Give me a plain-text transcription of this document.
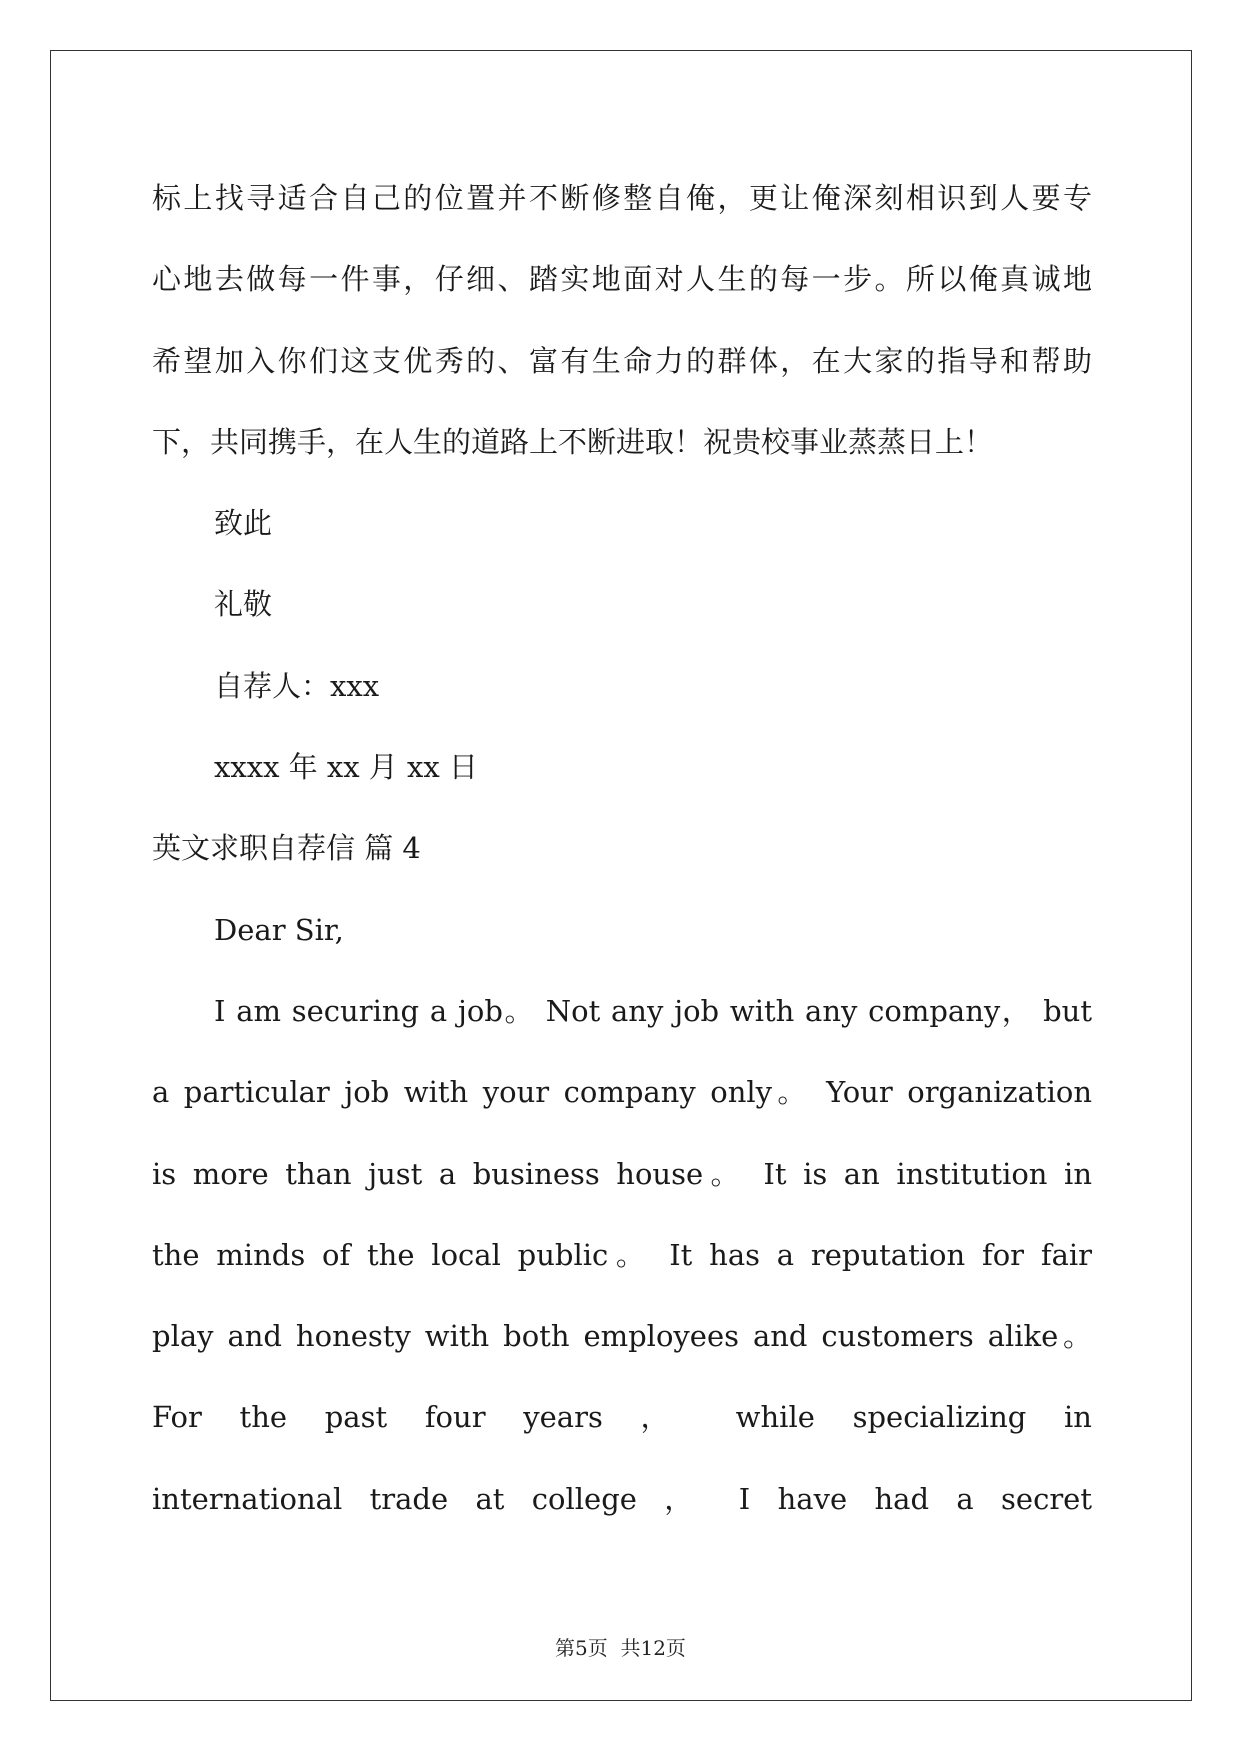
标上找寻适合自己的位置并不断修整自俺，更让俺深刻相识到人要专
心地去做每一件事，仔细、踏实地面对人生的每一步。所以俺真诚地
希望加入你们这支优秀的、富有生命力的群体，在大家的指导和帮助
下，共同携手，在人生的道路上不断进取！祝贵校事业蒸蒸日上！
致此
礼敬
自荐人：xxx
xxxx 年 xx 月 xx 日
英文求职自荐信 篇 4
Dear Sir,
I am securing a job。 Not any job with any company， but
a particular job with your company only。 Your organization
is more than just a business house。 It is an institution in
the minds of the local public。 It has a reputation for fair
play and honesty with both employees and customers alike。
For the past four years ， while specializing in
international trade at college ， I have had a secret
第5页  共12页
